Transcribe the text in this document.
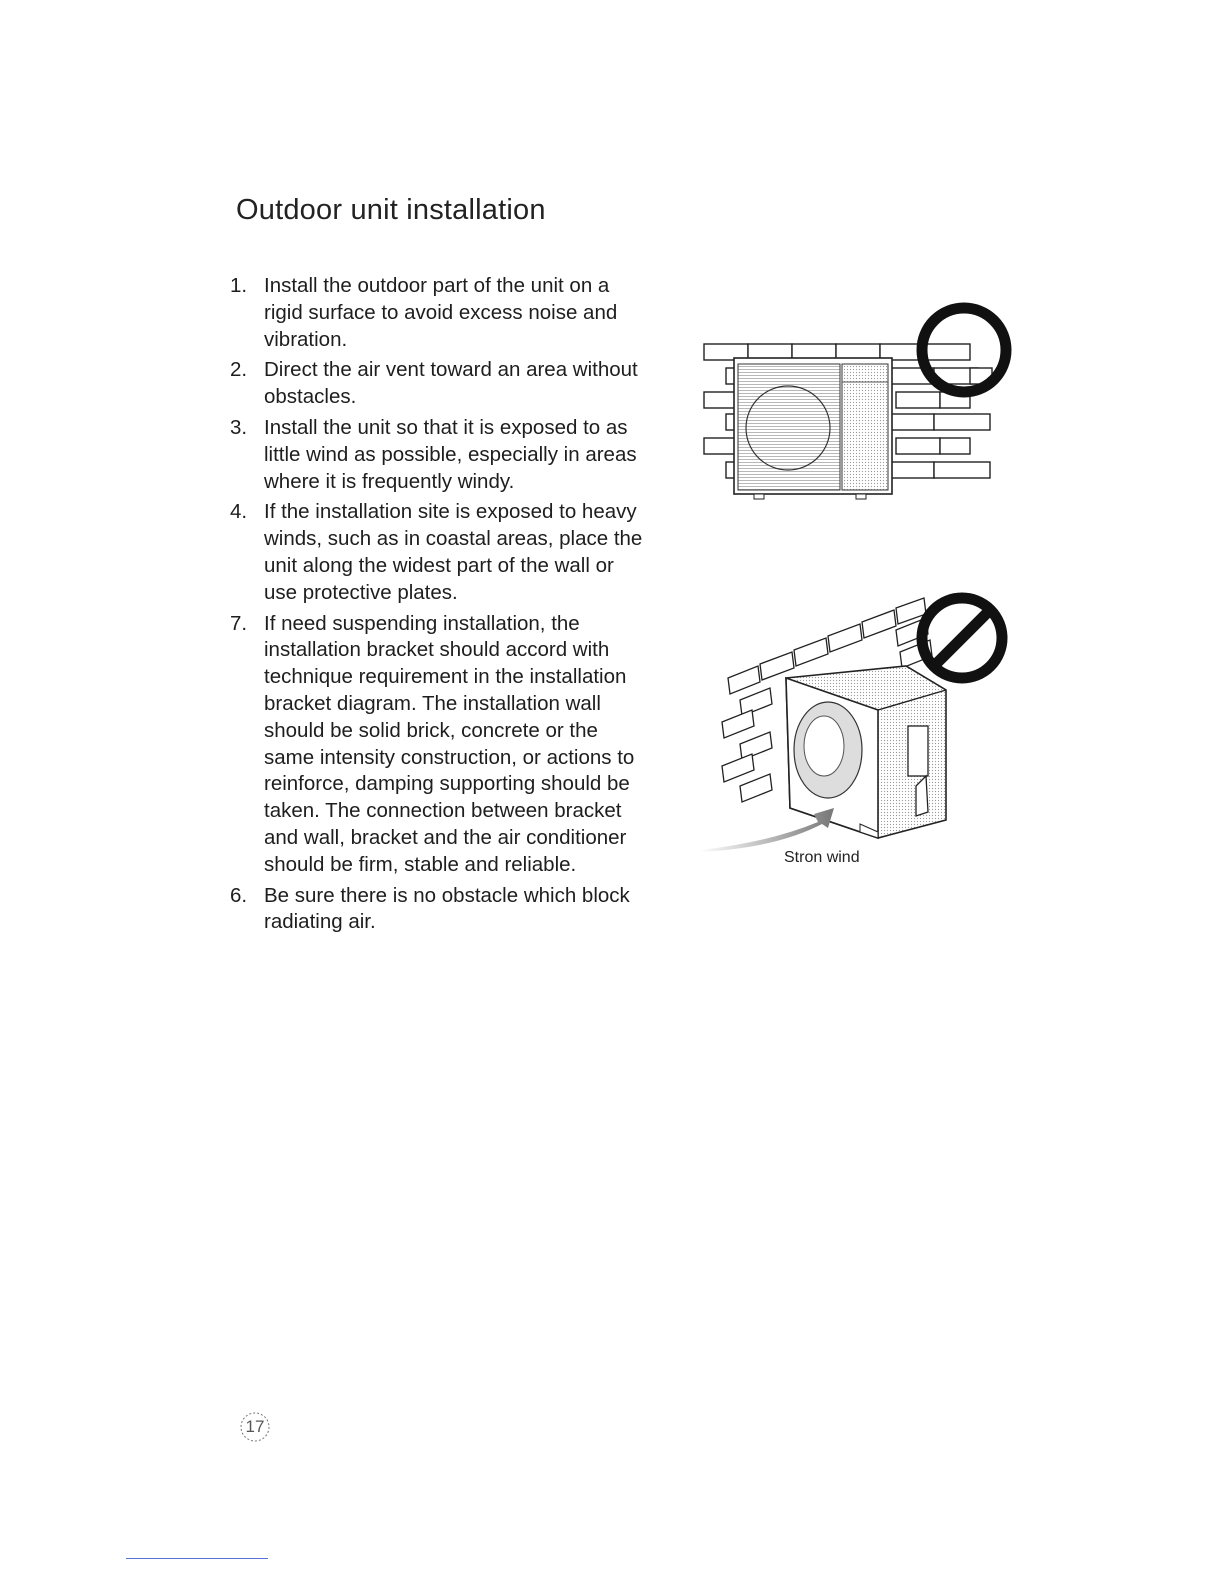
Outdoor unit installation
1. Install the outdoor part of the unit on a rigid surface to avoid excess noise and vibration.
2. Direct the air vent toward an area without obstacles.
3. Install the unit so that it is exposed to as little wind as possible, especially in areas where it is frequently windy.
4. If the installation site is exposed to heavy winds, such as in coastal areas, place the unit along the widest part of the wall or use protective plates.
7. If need suspending installation, the installation bracket should accord with technique requirement in the installation bracket diagram. The installation wall should be solid brick, concrete or the same intensity construction, or actions to reinforce, damping supporting should be taken. The connection between bracket and wall, bracket and the air conditioner should be firm, stable and reliable.
6. Be sure there is no obstacle which block radiating air.
Stron wind
17
